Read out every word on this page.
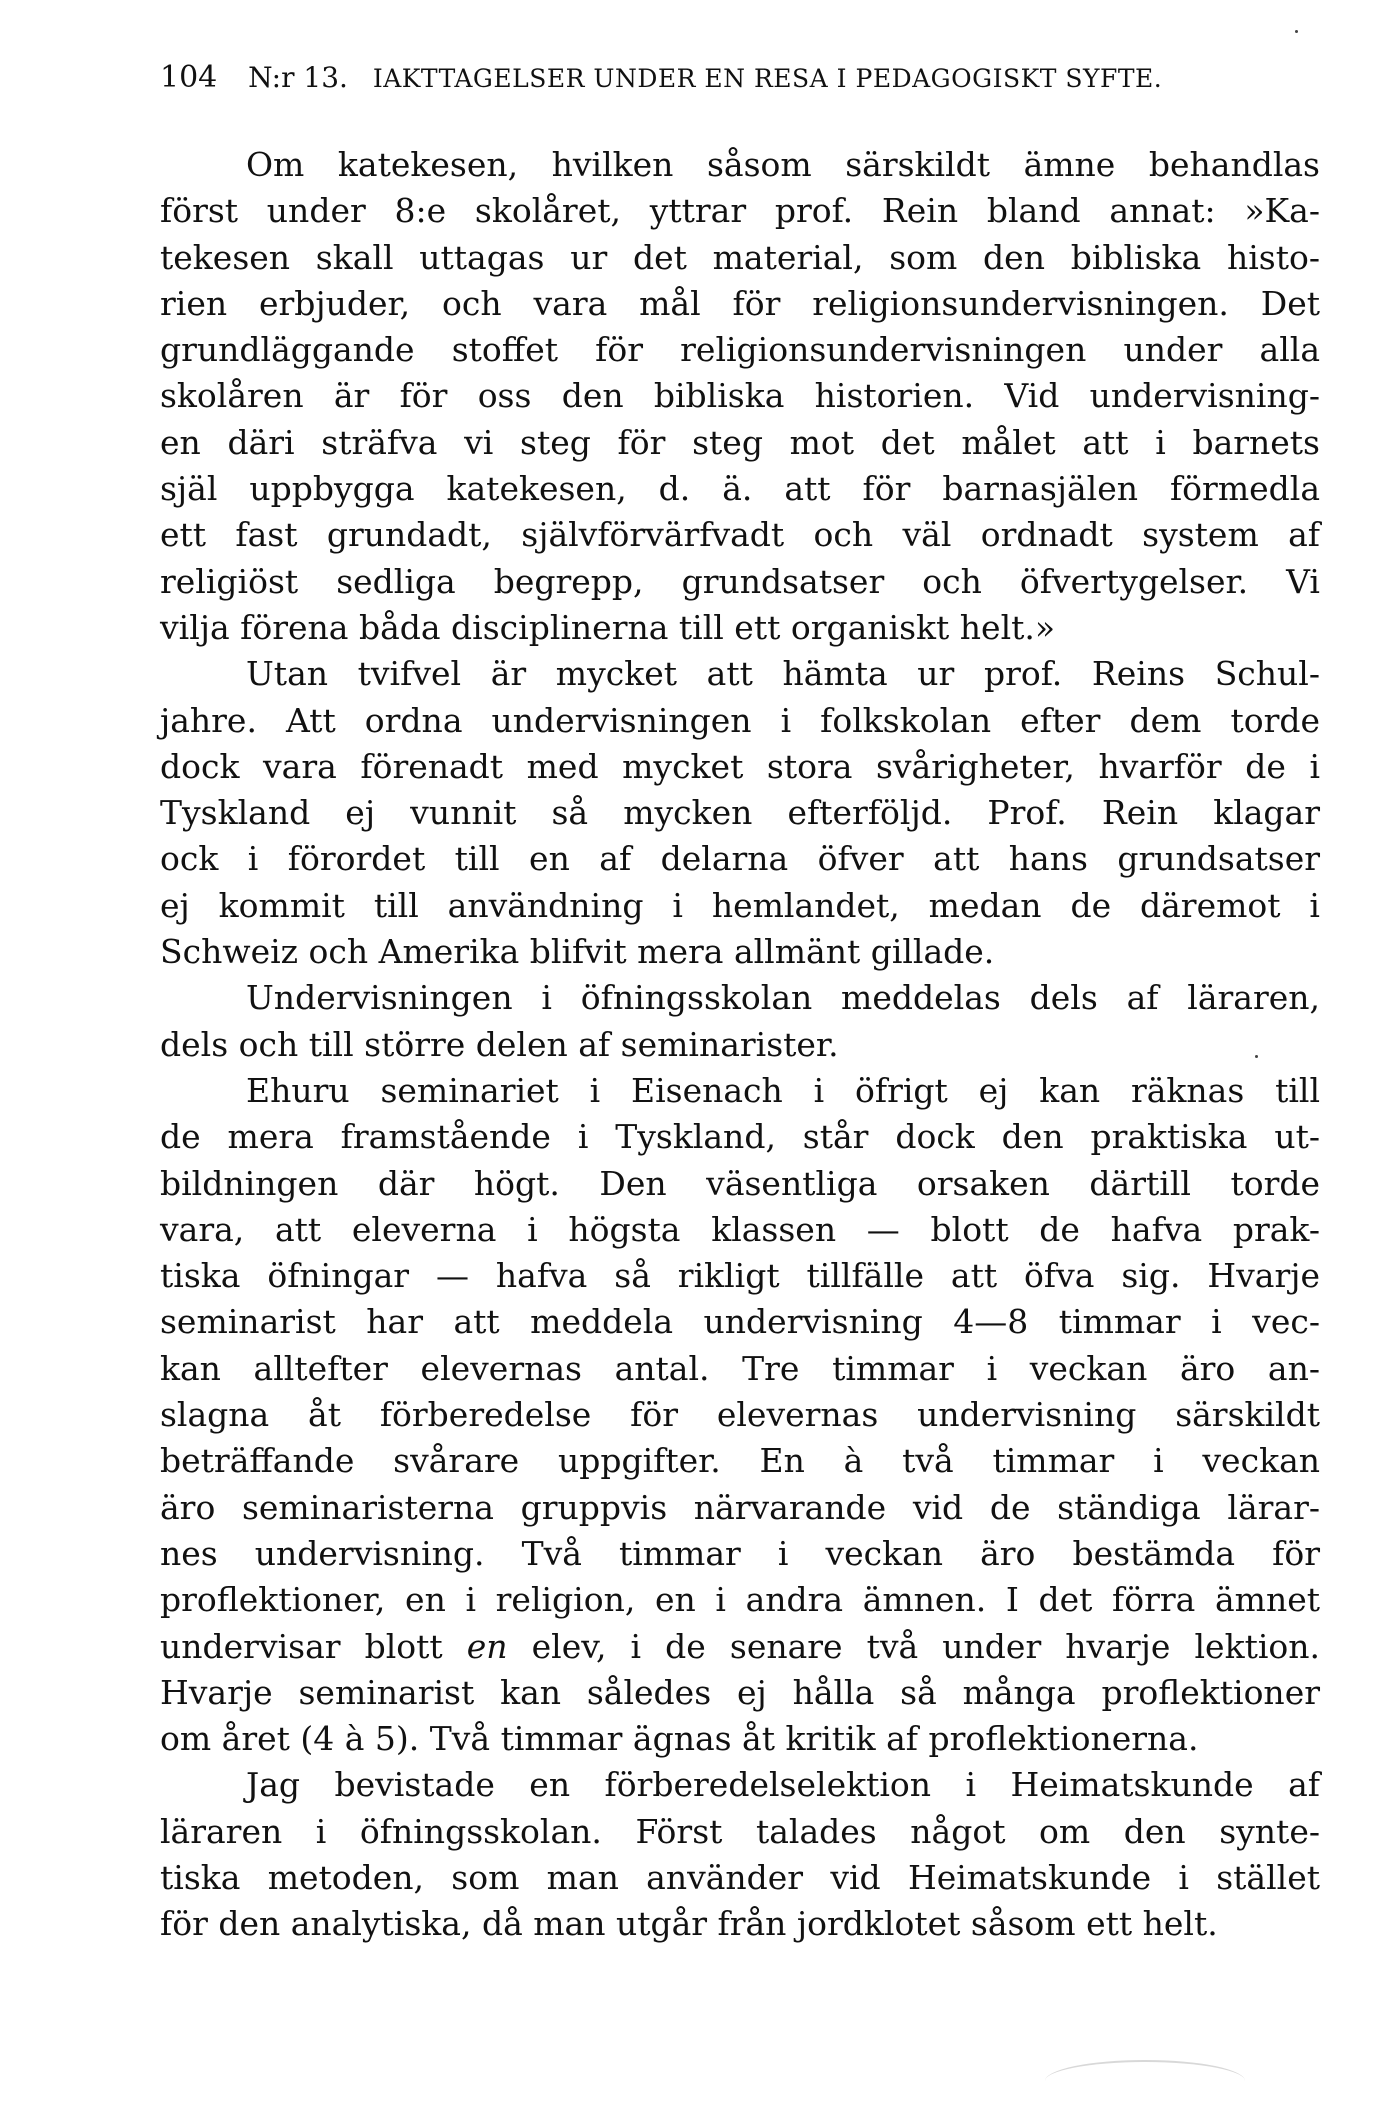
104 N:r 13. IAKTTAGELSER UNDER EN RESA I PEDAGOGISKT SYFTE.
Om katekesen, hvilken såsom särskildt ämne behandlas
först under 8:e skolåret, yttrar prof. Rein bland annat: »Ka-
tekesen skall uttagas ur det material, som den bibliska histo-
rien erbjuder, och vara mål för religionsundervisningen. Det
grundläggande stoffet för religionsundervisningen under alla
skolåren är för oss den bibliska historien. Vid undervisning-
en däri sträfva vi steg för steg mot det målet att i barnets
själ uppbygga katekesen, d. ä. att för barnasjälen förmedla
ett fast grundadt, självförvärfvadt och väl ordnadt system af
religiöst sedliga begrepp, grundsatser och öfvertygelser. Vi
vilja förena båda disciplinerna till ett organiskt helt.»
Utan tvifvel är mycket att hämta ur prof. Reins Schul-
jahre. Att ordna undervisningen i folkskolan efter dem torde
dock vara förenadt med mycket stora svårigheter, hvarför de i
Tyskland ej vunnit så mycken efterföljd. Prof. Rein klagar
ock i förordet till en af delarna öfver att hans grundsatser
ej kommit till användning i hemlandet, medan de däremot i
Schweiz och Amerika blifvit mera allmänt gillade.
Undervisningen i öfningsskolan meddelas dels af läraren,
dels och till större delen af seminarister.
Ehuru seminariet i Eisenach i öfrigt ej kan räknas till
de mera framstående i Tyskland, står dock den praktiska ut-
bildningen där högt. Den väsentliga orsaken därtill torde
vara, att eleverna i högsta klassen — blott de hafva prak-
tiska öfningar — hafva så rikligt tillfälle att öfva sig. Hvarje
seminarist har att meddela undervisning 4—8 timmar i vec-
kan alltefter elevernas antal. Tre timmar i veckan äro an-
slagna åt förberedelse för elevernas undervisning särskildt
beträffande svårare uppgifter. En à två timmar i veckan
äro seminaristerna gruppvis närvarande vid de ständiga lärar-
nes undervisning. Två timmar i veckan äro bestämda för
proflektioner, en i religion, en i andra ämnen. I det förra ämnet
undervisar blott en elev, i de senare två under hvarje lektion.
Hvarje seminarist kan således ej hålla så många proflektioner
om året (4 à 5). Två timmar ägnas åt kritik af proflektionerna.
Jag bevistade en förberedelselektion i Heimatskunde af
läraren i öfningsskolan. Först talades något om den synte-
tiska metoden, som man använder vid Heimatskunde i stället
för den analytiska, då man utgår från jordklotet såsom ett helt.
